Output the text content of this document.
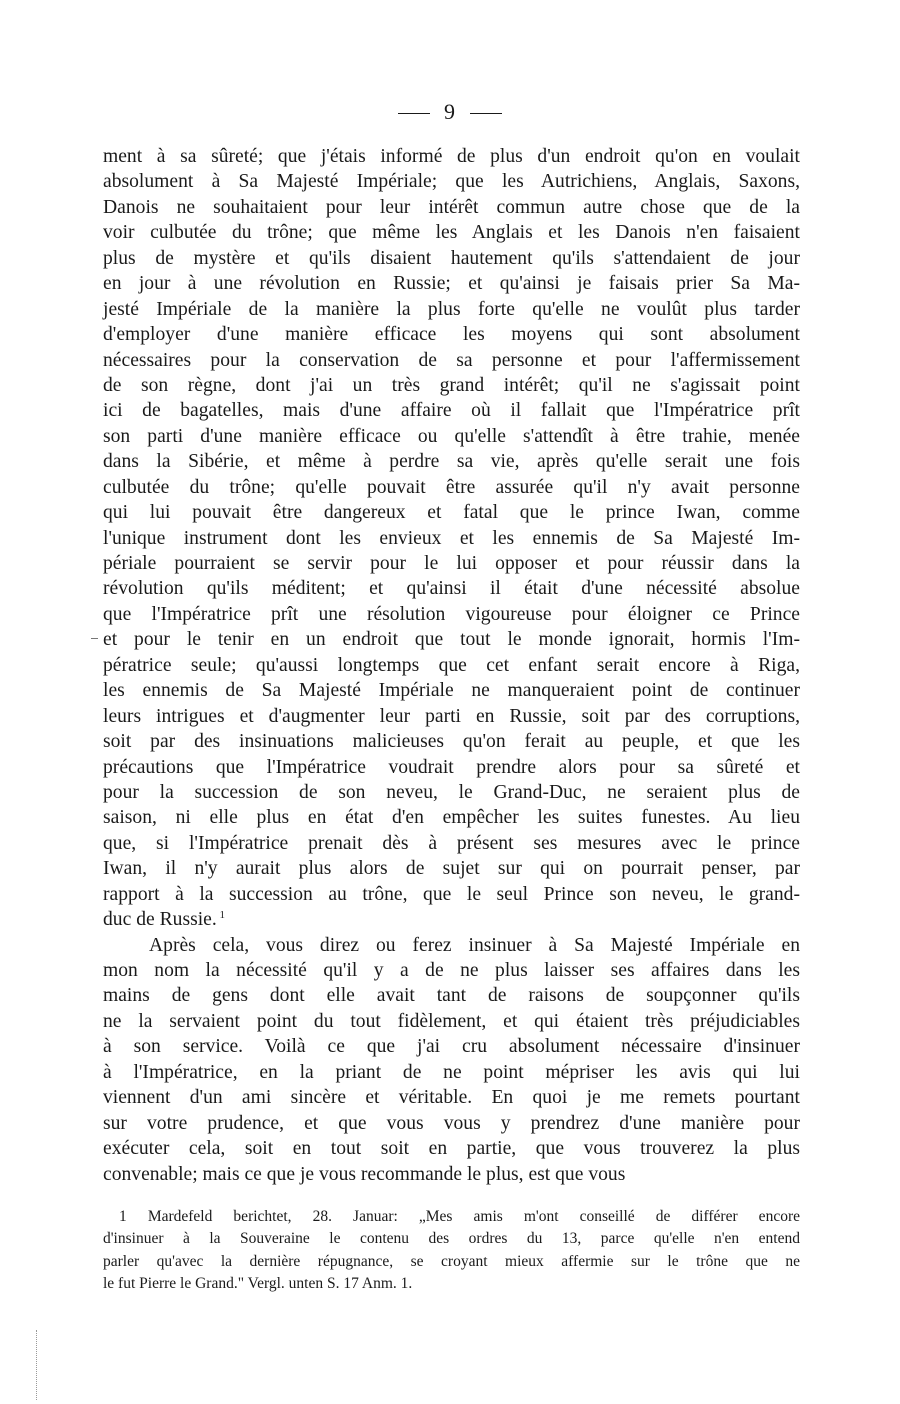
9
ment à sa sûreté; que j'étais informé de plus d'un endroit qu'on en voulait
absolument à Sa Majesté Impériale; que les Autrichiens, Anglais, Saxons,
Danois ne souhaitaient pour leur intérêt commun autre chose que de la
voir culbutée du trône; que même les Anglais et les Danois n'en faisaient
plus de mystère et qu'ils disaient hautement qu'ils s'attendaient de jour
en jour à une révolution en Russie; et qu'ainsi je faisais prier Sa Ma-
jesté Impériale de la manière la plus forte qu'elle ne voulût plus tarder
d'employer d'une manière efficace les moyens qui sont absolument
nécessaires pour la conservation de sa personne et pour l'affermissement
de son règne, dont j'ai un très grand intérêt; qu'il ne s'agissait point
ici de bagatelles, mais d'une affaire où il fallait que l'Impératrice prît
son parti d'une manière efficace ou qu'elle s'attendît à être trahie, menée
dans la Sibérie, et même à perdre sa vie, après qu'elle serait une fois
culbutée du trône; qu'elle pouvait être assurée qu'il n'y avait personne
qui lui pouvait être dangereux et fatal que le prince Iwan, comme
l'unique instrument dont les envieux et les ennemis de Sa Majesté Im-
périale pourraient se servir pour le lui opposer et pour réussir dans la
révolution qu'ils méditent; et qu'ainsi il était d'une nécessité absolue
que l'Impératrice prît une résolution vigoureuse pour éloigner ce Prince
et pour le tenir en un endroit que tout le monde ignorait, hormis l'Im-
pératrice seule; qu'aussi longtemps que cet enfant serait encore à Riga,
les ennemis de Sa Majesté Impériale ne manqueraient point de continuer
leurs intrigues et d'augmenter leur parti en Russie, soit par des corruptions,
soit par des insinuations malicieuses qu'on ferait au peuple, et que les
précautions que l'Impératrice voudrait prendre alors pour sa sûreté et
pour la succession de son neveu, le Grand-Duc, ne seraient plus de
saison, ni elle plus en état d'en empêcher les suites funestes. Au lieu
que, si l'Impératrice prenait dès à présent ses mesures avec le prince
Iwan, il n'y aurait plus alors de sujet sur qui on pourrait penser, par
rapport à la succession au trône, que le seul Prince son neveu, le grand-
duc de Russie. $^1$
Après cela, vous direz ou ferez insinuer à Sa Majesté Impériale en
mon nom la nécessité qu'il y a de ne plus laisser ses affaires dans les
mains de gens dont elle avait tant de raisons de soupçonner qu'ils
ne la servaient point du tout fidèlement, et qui étaient très préjudiciables
à son service. Voilà ce que j'ai cru absolument nécessaire d'insinuer
à l'Impératrice, en la priant de ne point mépriser les avis qui lui
viennent d'un ami sincère et véritable. En quoi je me remets pourtant
sur votre prudence, et que vous vous y prendrez d'une manière pour
exécuter cela, soit en tout soit en partie, que vous trouverez la plus
convenable; mais ce que je vous recommande le plus, est que vous
1 Mardefeld berichtet, 28. Januar: „Mes amis m'ont conseillé de différer encore
d'insinuer à la Souveraine le contenu des ordres du 13, parce qu'elle n'en entend
parler qu'avec la dernière répugnance, se croyant mieux affermie sur le trône que ne
le fut Pierre le Grand." Vergl. unten S. 17 Anm. 1.
